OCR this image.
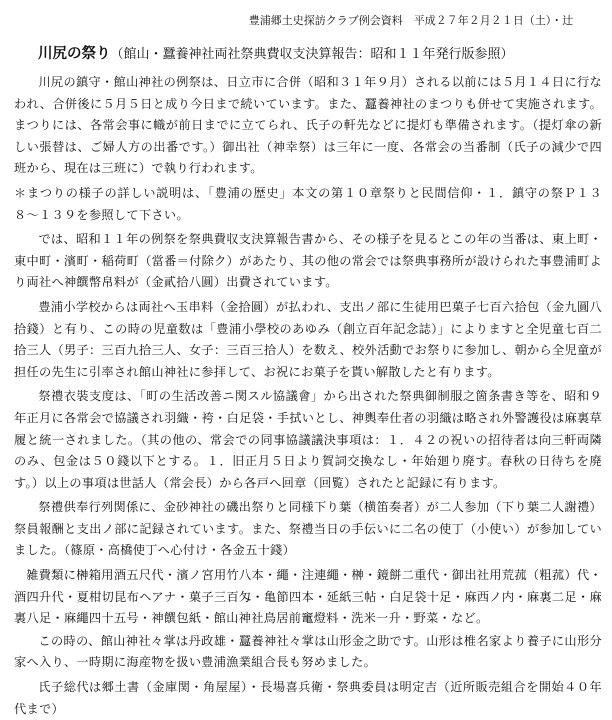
豊浦郷土史探訪クラブ例会資料　平成２７年２月２１日（土）・辻
川尻の祭り（館山・蠶養神社両社祭典費収支決算報告：昭和１１年発行版参照）

川尻の鎮守・館山神社の例祭は、日立市に合併（昭和３１年９月）される以前には５月１４日に行なわれ、合併後に５月５日と成り今日まで続いています。また、蠶養神社のまつりも併せて実施されます。まつりには、各常会事に幟が前日までに立てられ、氏子の軒先などに提灯も準備されます。（提灯傘の新しい張替は、ご婦人方の出番です。）御出社（神幸祭）は三年に一度、各常会の当番制（氏子の減少で四班から、現在は三班に）で執り行われます。

＊まつりの様子の詳しい説明は、「豊浦の歴史」本文の第１０章祭りと民間信仰・１．鎮守の祭Ｐ１３８〜１３９を参照して下さい。

では、昭和１１年の例祭を祭典費収支決算報告書から、その様子を見るとこの年の当番は、東上町・東中町・濱町・稲荷町（當番＝付除ク）があたり、其の他の常会では祭典事務所が設けられた事豊浦町より両社へ神饌幣帛料が（金貳拾八圓）出費されています。

豊浦小学校からは両社へ玉串料（金拾圓）が払われ、支出ノ部に生徒用巴菓子七百六拾包（金九圓八拾錢）と有り、この時の児童数は「豊浦小學校のあゆみ（創立百年記念誌）」によりますと全児童七百二拾三人（男子：三百九拾三人、女子：三百三拾人）を数え、校外活動でお祭りに参加し、朝から全児童が担任の先生に引率され館山神社に参拝して、お祝にお菓子を貰い解散したと有ります。

祭禮衣裝支度は、「町の生活改善ニ関スル協議會」から出された祭典御制服之箇条書き等を、昭和９年正月に各常会で協議され羽織・袴・白足袋・手拭いとし、神輿奉仕者の羽織は略され外警護役は麻裏草履と統一されました。（其の他の、常会での同事協議議決事項は：１．４２の祝いの招待者は向三軒両隣のみ、包金は５０錢以下とする。１．旧正月５日より賀詞交換なし・年始廻り廃す。春秋の日待ちを廃す。）以上の事項は世話人（常会長）から各戸へ回章（回覧）されたと記録に有ります。

祭禮供奉行列関係に、金砂神社の磯出祭りと同様下り葉（横笛奏者）が二人参加（下り葉二人謝禮）祭員報酬と支出ノ部に記録されています。また、祭禮当日の手伝いに二名の使丁（小使い）が参加していました。（篠原・高橋使丁へ心付け・各金五十錢）

雑費類に榊箱用酒五尺代・濱ノ宮用竹八本・繩・注連繩・榊・鏡餅二重代・御出社用荒菰（粗菰）代・酒四升代・夏柑切昆布ヘアナ・菓子三百匁・亀節四本・延紙三帖・白足袋十足・麻西ノ内・麻裏二足・麻裏八足・麻繩四十五号・神饌包紙・館山神社鳥居前竃燈料・洗米一升・野菜・など。

この時の、館山神社々掌は丹政雄・蠶養神社々掌は山形金之助です。山形は椎名家より養子に山形分家へ入り、一時期に海産物を扱い豊浦漁業組合長も努めました。

氏子総代は郷土書（金庫関・角屋屋）・長場喜兵衛・祭典委員は明定吉（近所販売組合を開始４０年代まで）
